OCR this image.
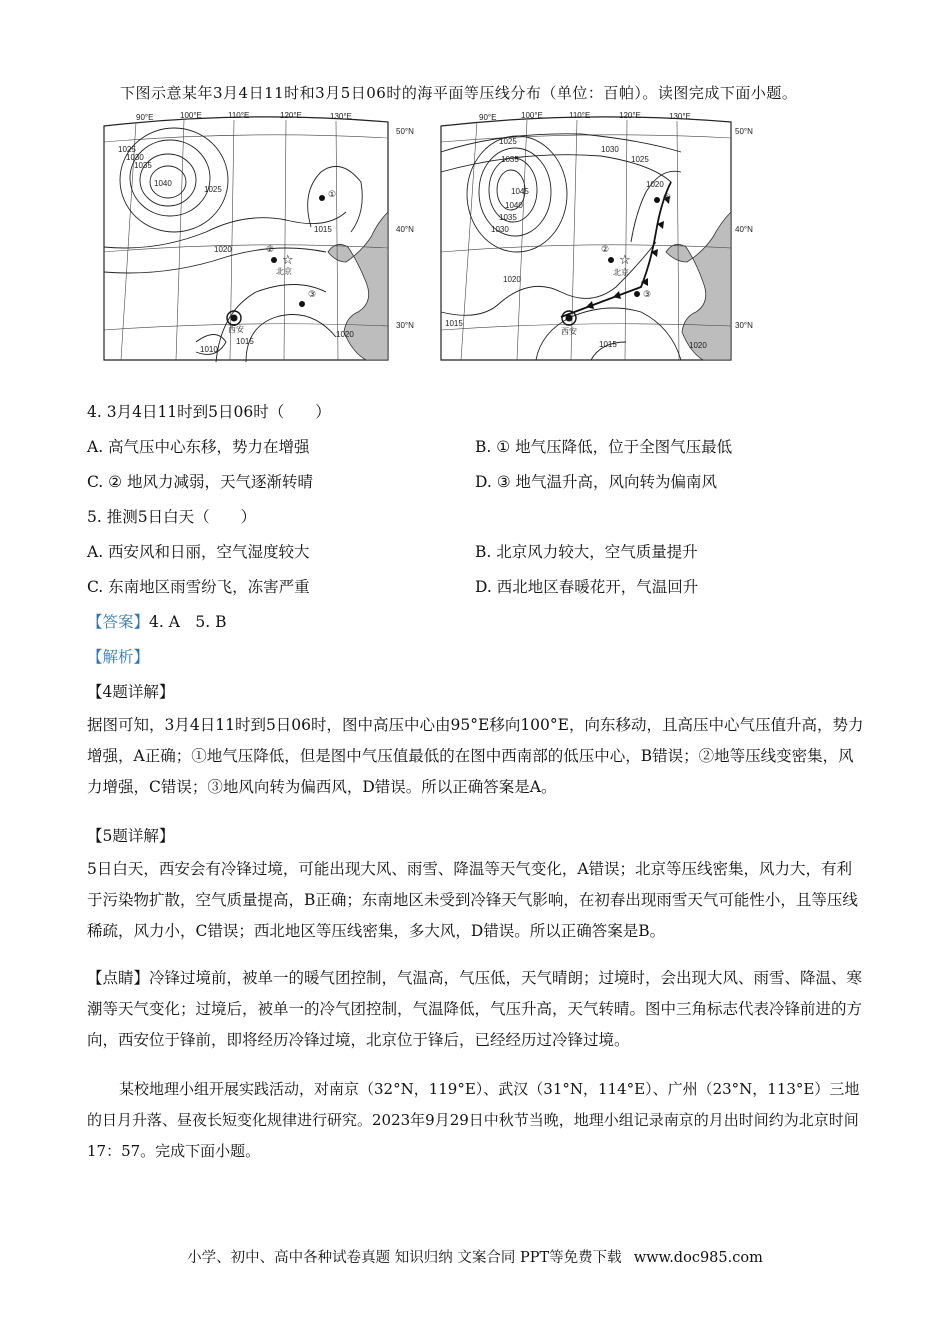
下图示意某年3月4日11时和3月5日06时的海平面等压线分布（单位：百帕）。读图完成下面小题。
90°E	100°E	110°E	120°E	130°E
50°N
40°N
30°N
1025
1030
1035
1040
1025
1020
1015
1010
1015
1020
①
②
③
北京
西安
☆
90°E	100°E	110°E	120°E	130°E
50°N
40°N
30°N
1025
1035
1030
1025
1020
1045
1040
1035
1030
1020
1015
1015	1020
①
②
③
北京
西安
☆
4. 3月4日11时到5日06时（　　）
A. 高气压中心东移，势力在增强	B. ① 地气压降低，位于全图气压最低
C. ② 地风力减弱，天气逐渐转晴	D. ③ 地气温升高，风向转为偏南风
5. 推测5日白天（　　）
A. 西安风和日丽，空气湿度较大	B. 北京风力较大，空气质量提升
C. 东南地区雨雪纷飞，冻害严重	D. 西北地区春暖花开，气温回升
【答案】4. A　5. B
【解析】
【4题详解】
据图可知，3月4日11时到5日06时，图中高压中心由95°E移向100°E，向东移动，且高压中心气压值升高，势力增强，A正确；①地气压降低，但是图中气压值最低的在图中西南部的低压中心，B错误；②地等压线变密集，风力增强，C错误；③地风向转为偏西风，D错误。所以正确答案是A。
【5题详解】
5日白天，西安会有冷锋过境，可能出现大风、雨雪、降温等天气变化，A错误；北京等压线密集，风力大，有利于污染物扩散，空气质量提高，B正确；东南地区未受到冷锋天气影响，在初春出现雨雪天气可能性小，且等压线稀疏，风力小，C错误；西北地区等压线密集，多大风，D错误。所以正确答案是B。
【点睛】冷锋过境前，被单一的暖气团控制，气温高，气压低，天气晴朗；过境时，会出现大风、雨雪、降温、寒潮等天气变化；过境后，被单一的冷气团控制，气温降低，气压升高，天气转晴。图中三角标志代表冷锋前进的方向，西安位于锋前，即将经历冷锋过境，北京位于锋后，已经经历过冷锋过境。
某校地理小组开展实践活动，对南京（32°N，119°E）、武汉（31°N，114°E）、广州（23°N，113°E）三地的日月升落、昼夜长短变化规律进行研究。2023年9月29日中秋节当晚，地理小组记录南京的月出时间约为北京时间17：57。完成下面小题。
小学、初中、高中各种试卷真题 知识归纳 文案合同 PPT等免费下载 www.doc985.com
